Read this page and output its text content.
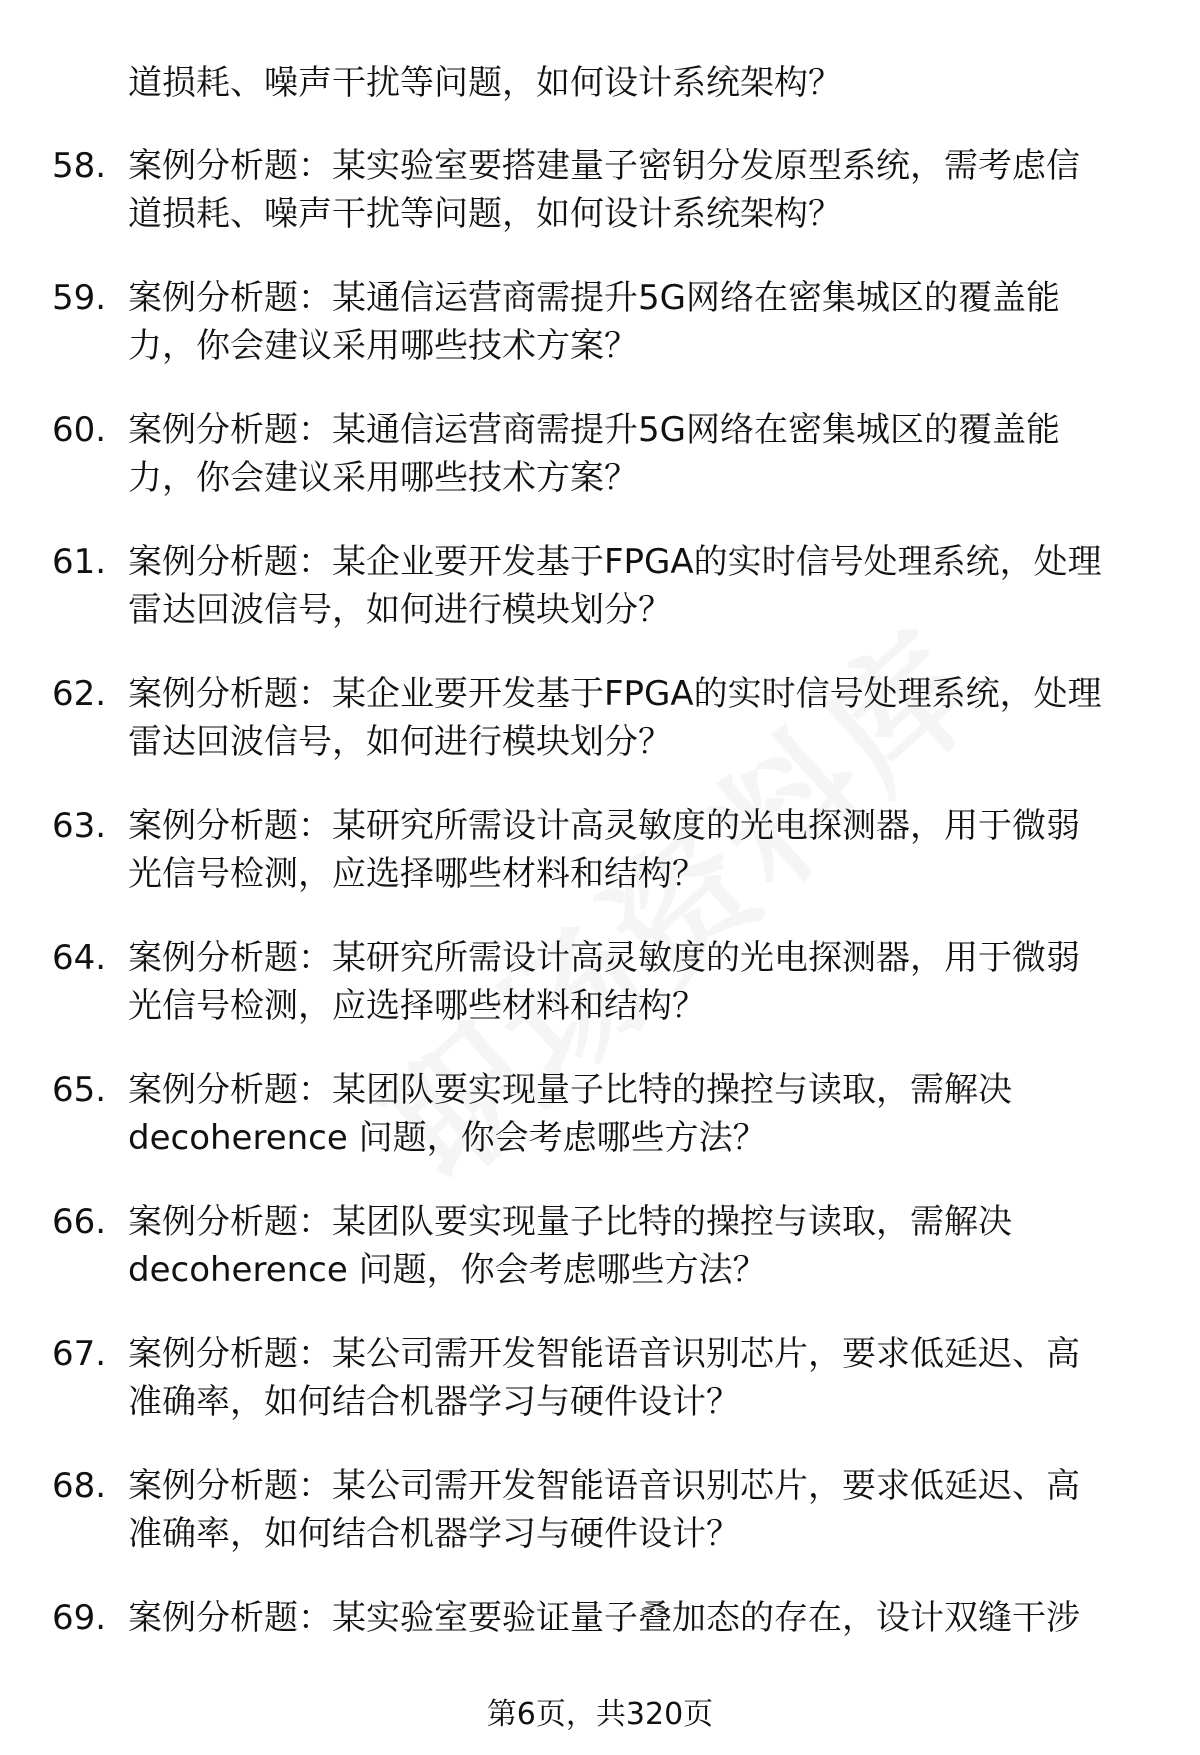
道损耗、噪声干扰等问题，如何设计系统架构？
58. 案例分析题：某实验室要搭建量子密钥分发原型系统，需考虑信
道损耗、噪声干扰等问题，如何设计系统架构？
59. 案例分析题：某通信运营商需提升5G网络在密集城区的覆盖能
力，你会建议采用哪些技术方案？
60. 案例分析题：某通信运营商需提升5G网络在密集城区的覆盖能
力，你会建议采用哪些技术方案？
61. 案例分析题：某企业要开发基于FPGA的实时信号处理系统，处理
雷达回波信号，如何进行模块划分？
62. 案例分析题：某企业要开发基于FPGA的实时信号处理系统，处理
雷达回波信号，如何进行模块划分？
63. 案例分析题：某研究所需设计高灵敏度的光电探测器，用于微弱
光信号检测，应选择哪些材料和结构？
64. 案例分析题：某研究所需设计高灵敏度的光电探测器，用于微弱
光信号检测，应选择哪些材料和结构？
65. 案例分析题：某团队要实现量子比特的操控与读取，需解决
decoherence 问题，你会考虑哪些方法？
66. 案例分析题：某团队要实现量子比特的操控与读取，需解决
decoherence 问题，你会考虑哪些方法？
67. 案例分析题：某公司需开发智能语音识别芯片，要求低延迟、高
准确率，如何结合机器学习与硬件设计？
68. 案例分析题：某公司需开发智能语音识别芯片，要求低延迟、高
准确率，如何结合机器学习与硬件设计？
69. 案例分析题：某实验室要验证量子叠加态的存在，设计双缝干涉
第6页，共320页
